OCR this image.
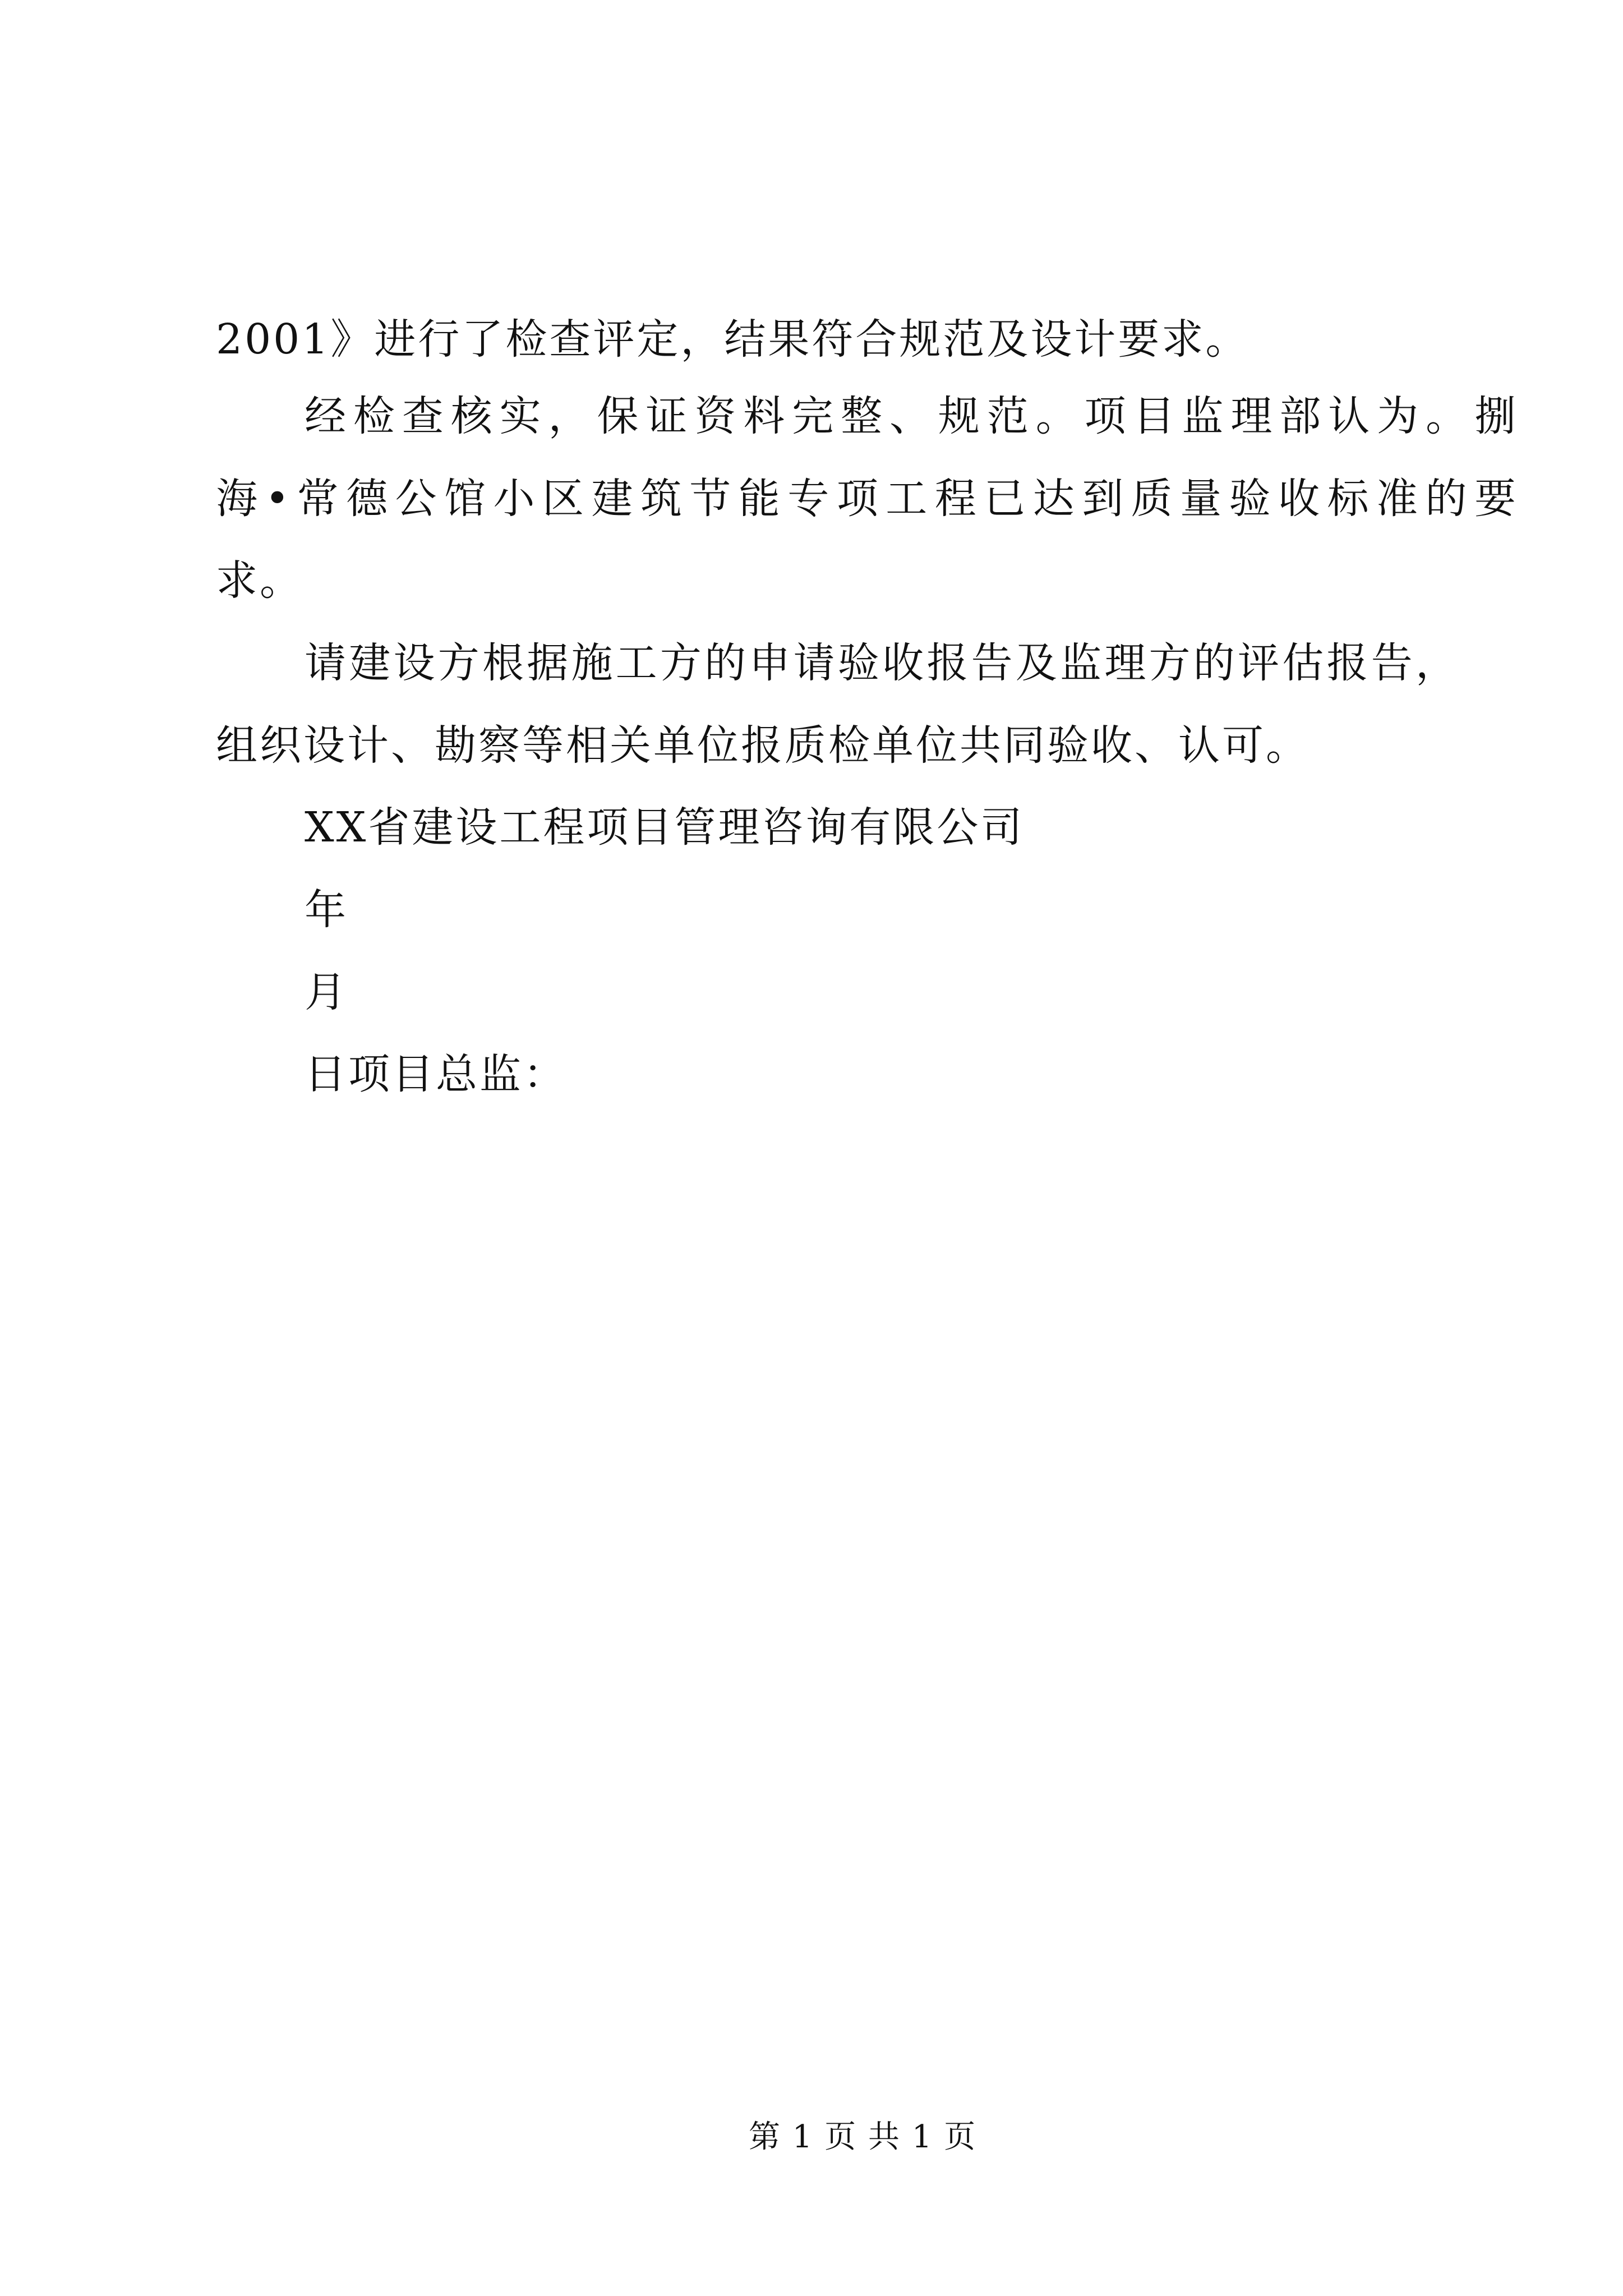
2001》进行了检查评定，结果符合规范及设计要求。
经检查核实，保证资料完整、规范。项目监理部认为。捌
海•常德公馆小区建筑节能专项工程已达到质量验收标准的要
求。
请建设方根据施工方的申请验收报告及监理方的评估报告，
组织设计、勘察等相关单位报质检单位共同验收、认可。
XX省建设工程项目管理咨询有限公司
年
月
日项目总监：
第 1 页 共 1 页
